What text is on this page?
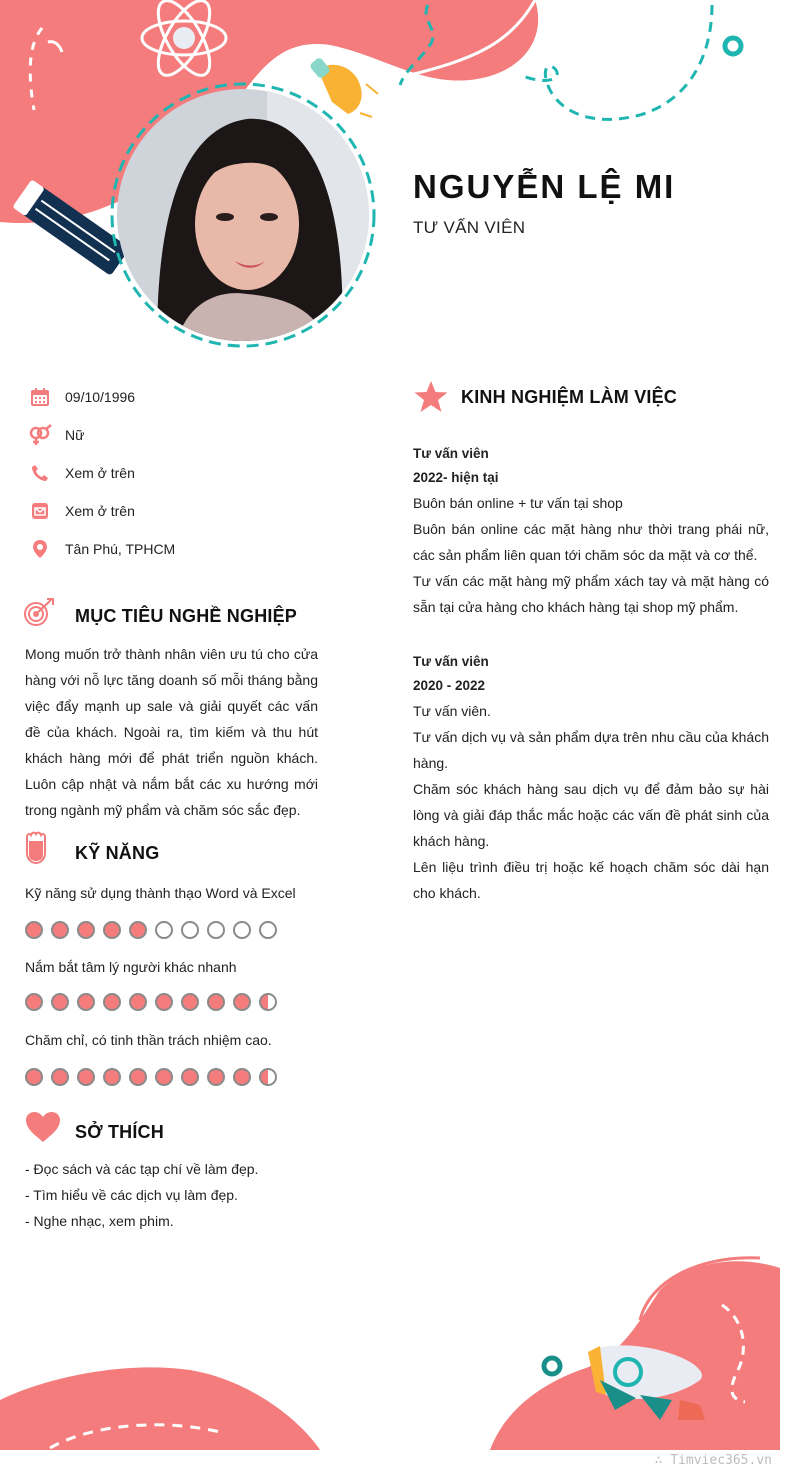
NGUYỄN LỆ MI
TƯ VẤN VIÊN
09/10/1996
Nữ
Xem ở trên
Xem ở trên
Tân Phú, TPHCM
MỤC TIÊU NGHỀ NGHIỆP
Mong muốn trở thành nhân viên ưu tú cho cửa hàng với nỗ lực tăng doanh số mỗi tháng bằng việc đẩy mạnh up sale và giải quyết các vấn đề của khách. Ngoài ra, tìm kiếm và thu hút khách hàng mới để phát triển nguồn khách. Luôn cập nhật và nắm bắt các xu hướng mới trong ngành mỹ phẩm và chăm sóc sắc đẹp.
KỸ NĂNG
Kỹ năng sử dụng thành thạo Word và Excel
Nắm bắt tâm lý người khác nhanh
Chăm chỉ, có tinh thần trách nhiệm cao.
SỞ THÍCH
- Đọc sách và các tạp chí về làm đẹp.
- Tìm hiểu về các dịch vụ làm đẹp.
- Nghe nhạc, xem phim.
KINH NGHIỆM LÀM VIỆC
Tư vấn viên
2022- hiện tại
Buôn bán online + tư vấn tại shop
Buôn bán online các mặt hàng như thời trang phái nữ, các sản phẩm liên quan tới chăm sóc da mặt và cơ thể.
Tư vấn các mặt hàng mỹ phẩm xách tay và mặt hàng có sẵn tại cửa hàng cho khách hàng tại shop mỹ phẩm.
Tư vấn viên
2020 - 2022
Tư vấn viên.
Tư vấn dịch vụ và sản phẩm dựa trên nhu cầu của khách hàng.
Chăm sóc khách hàng sau dịch vụ để đảm bảo sự hài lòng và giải đáp thắc mắc hoặc các vấn đề phát sinh của khách hàng.
Lên liệu trình điều trị hoặc kế hoạch chăm sóc dài hạn cho khách.
∴ Timviec365.vn
